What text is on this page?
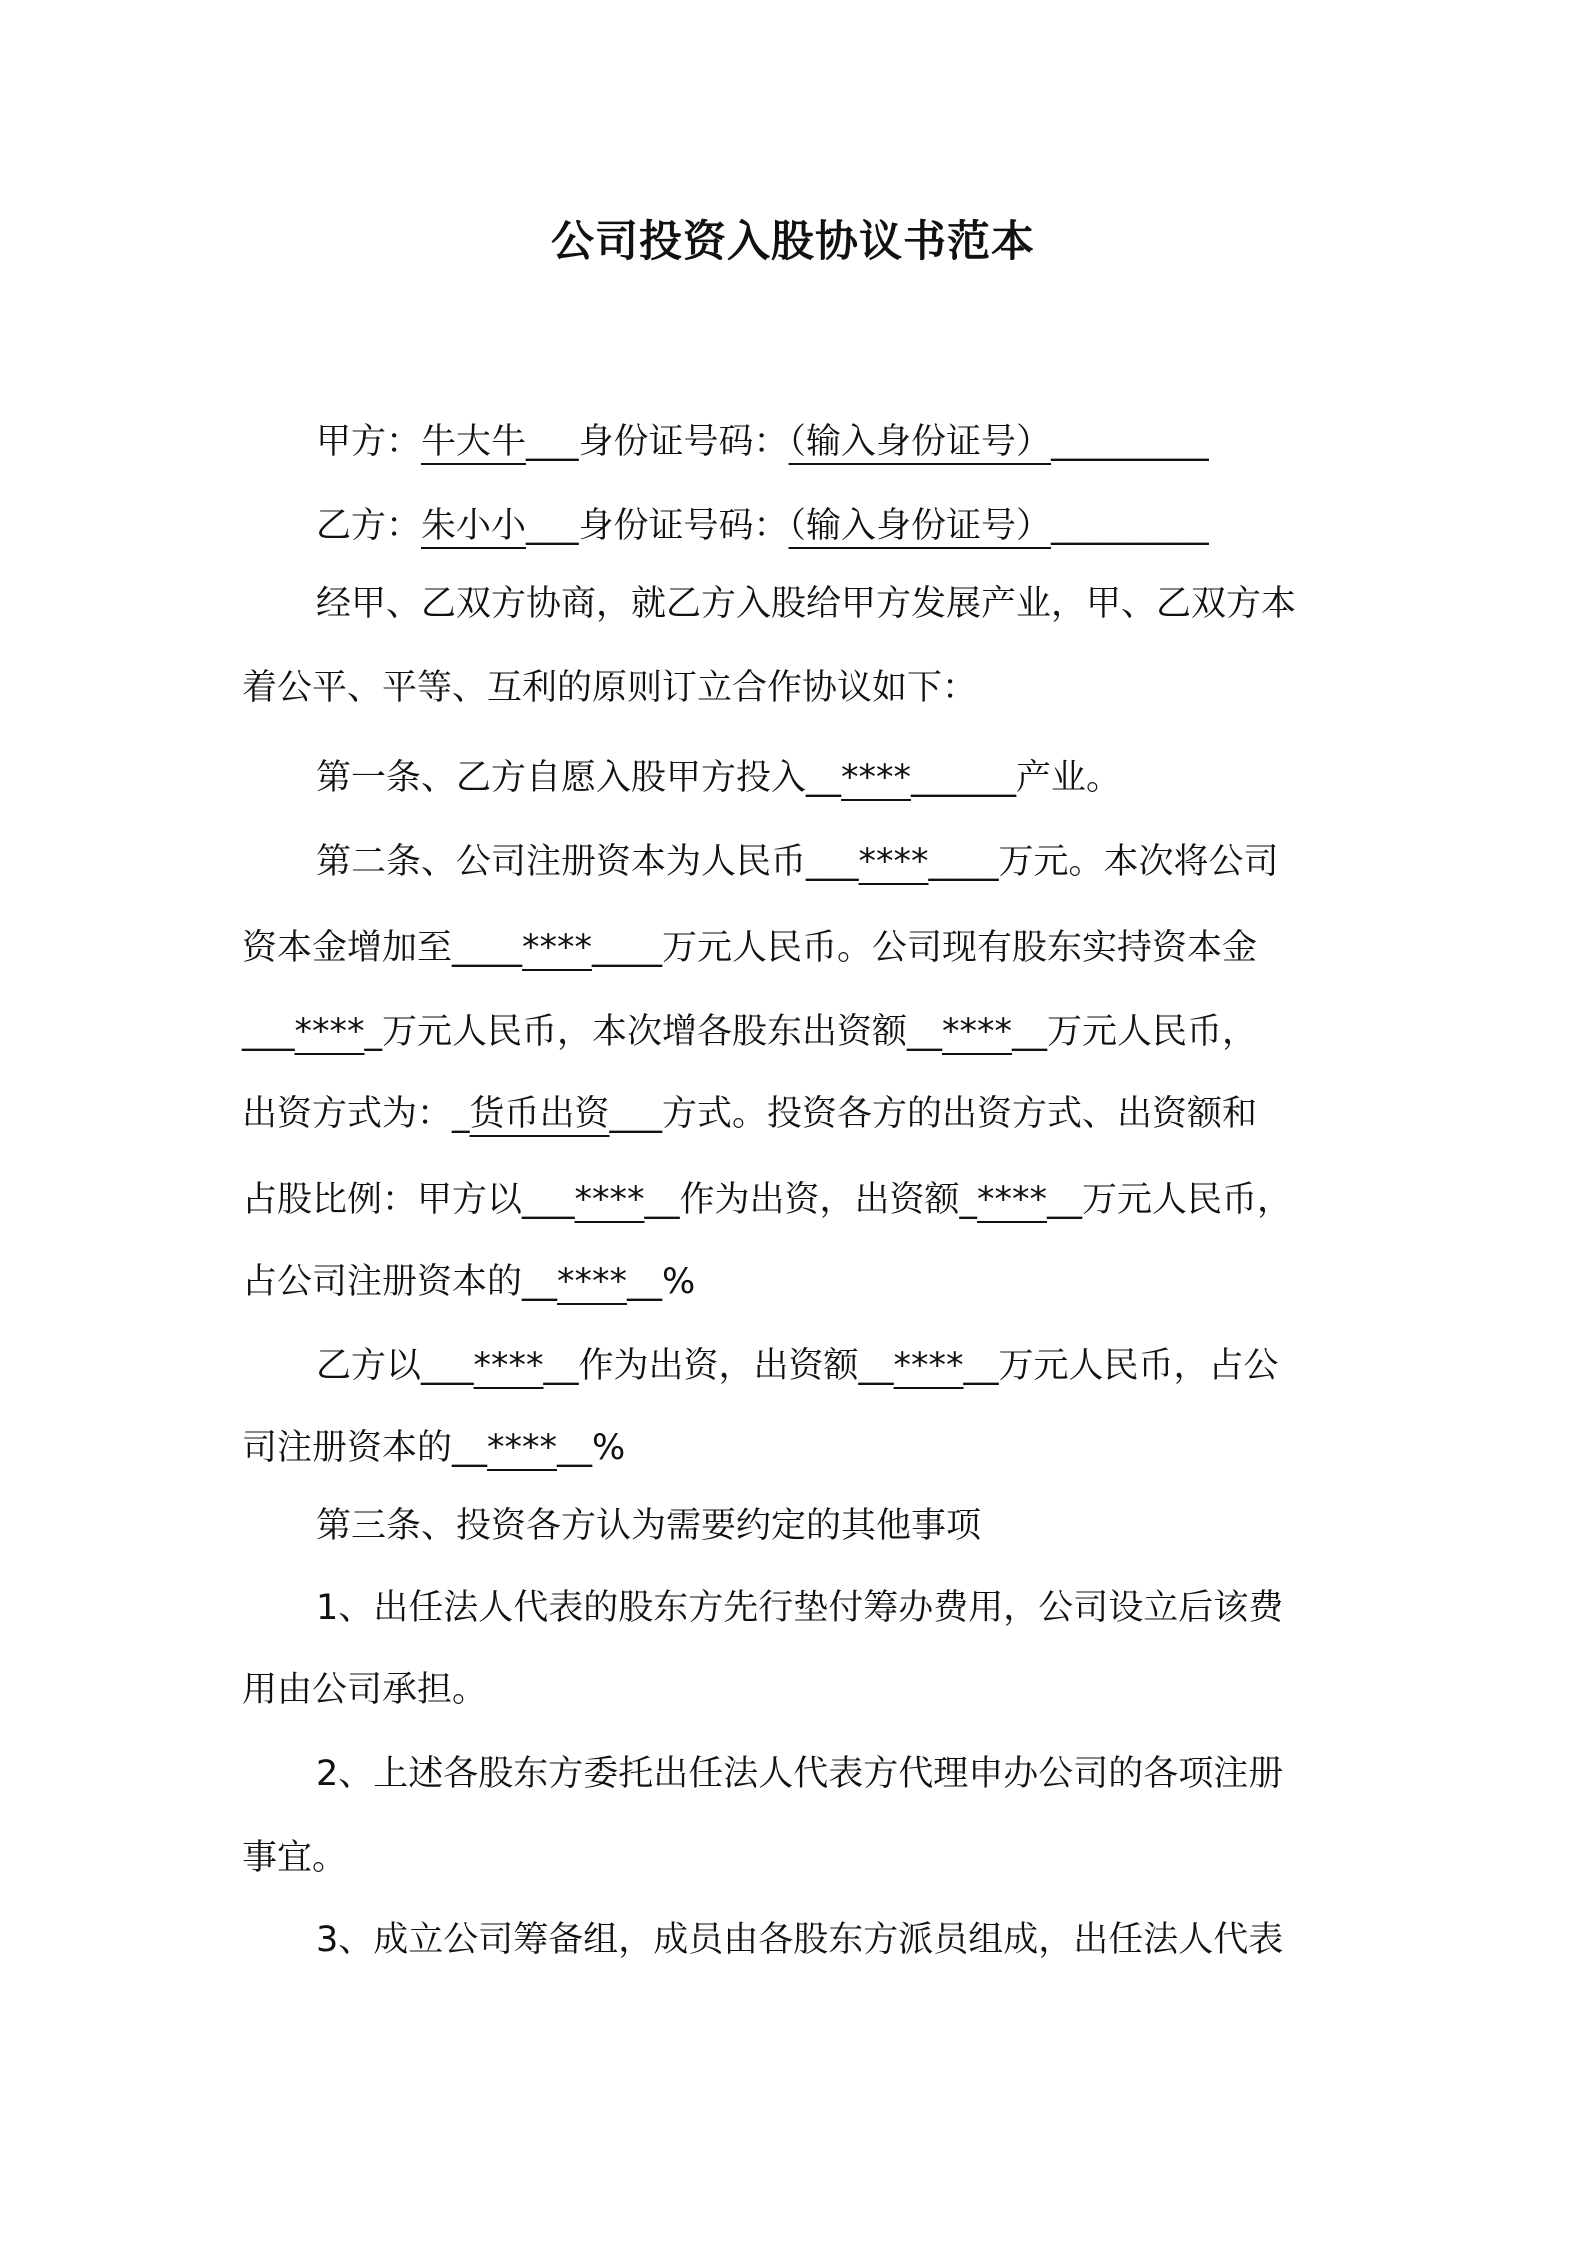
公司投资入股协议书范本

甲方：牛大牛___身份证号码：（输入身份证号）_________

乙方：朱小小___身份证号码：（输入身份证号）_________

经甲、乙双方协商，就乙方入股给甲方发展产业，甲、乙双方本

着公平、平等、互利的原则订立合作协议如下：

第一条、乙方自愿入股甲方投入__****______产业。

第二条、公司注册资本为人民币___****____万元。本次将公司

资本金增加至____****____万元人民币。公司现有股东实持资本金

___****_万元人民币，本次增各股东出资额__****__万元人民币，

出资方式为：_货币出资___方式。投资各方的出资方式、出资额和

占股比例：甲方以___****__作为出资，出资额_****__万元人民币，

占公司注册资本的__****__%

乙方以___****__作为出资，出资额__****__万元人民币，占公

司注册资本的__****__%

第三条、投资各方认为需要约定的其他事项

1、出任法人代表的股东方先行垫付筹办费用，公司设立后该费

用由公司承担。

2、上述各股东方委托出任法人代表方代理申办公司的各项注册

事宜。

3、成立公司筹备组，成员由各股东方派员组成，出任法人代表
